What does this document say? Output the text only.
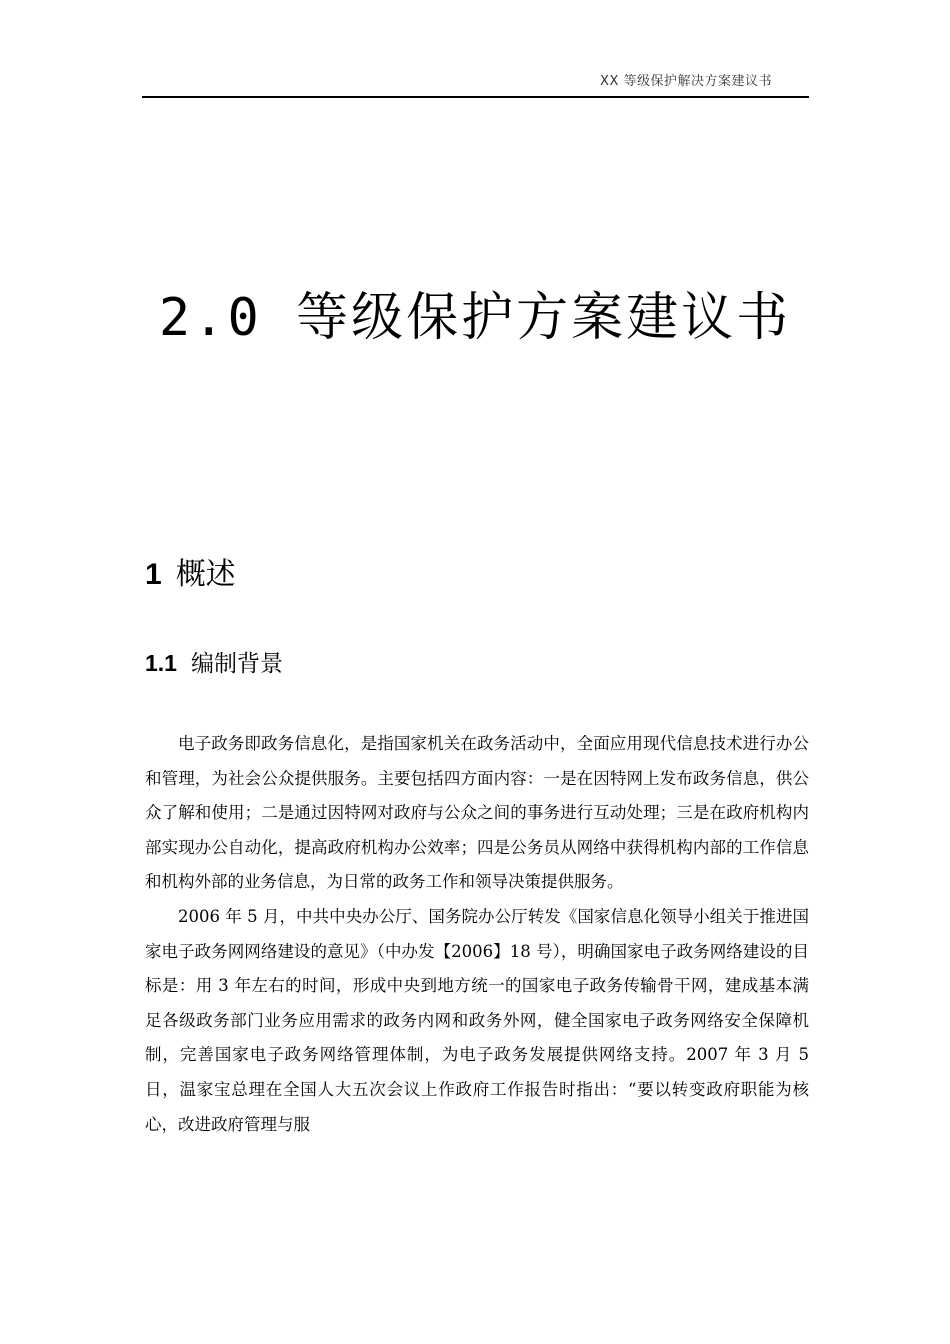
XX 等级保护解决方案建议书
2.0 等级保护方案建议书
1 概述
1.1 编制背景

电子政务即政务信息化，是指国家机关在政务活动中，全面应用现代信息技术进行办公和管理，为社会公众提供服务。主要包括四方面内容：一是在因特网上发布政务信息，供公众了解和使用；二是通过因特网对政府与公众之间的事务进行互动处理；三是在政府机构内部实现办公自动化，提高政府机构办公效率；四是公务员从网络中获得机构内部的工作信息和机构外部的业务信息，为日常的政务工作和领导决策提供服务。

2006 年 5 月，中共中央办公厅、国务院办公厅转发《国家信息化领导小组关于推进国家电子政务网网络建设的意见》（中办发【2006】18 号），明确国家电子政务网络建设的目标是：用 3 年左右的时间，形成中央到地方统一的国家电子政务传输骨干网，建成基本满足各级政务部门业务应用需求的政务内网和政务外网，健全国家电子政务网络安全保障机制，完善国家电子政务网络管理体制，为电子政务发展提供网络支持。2007 年 3 月 5 日，温家宝总理在全国人大五次会议上作政府工作报告时指出：“要以转变政府职能为核心，改进政府管理与服
